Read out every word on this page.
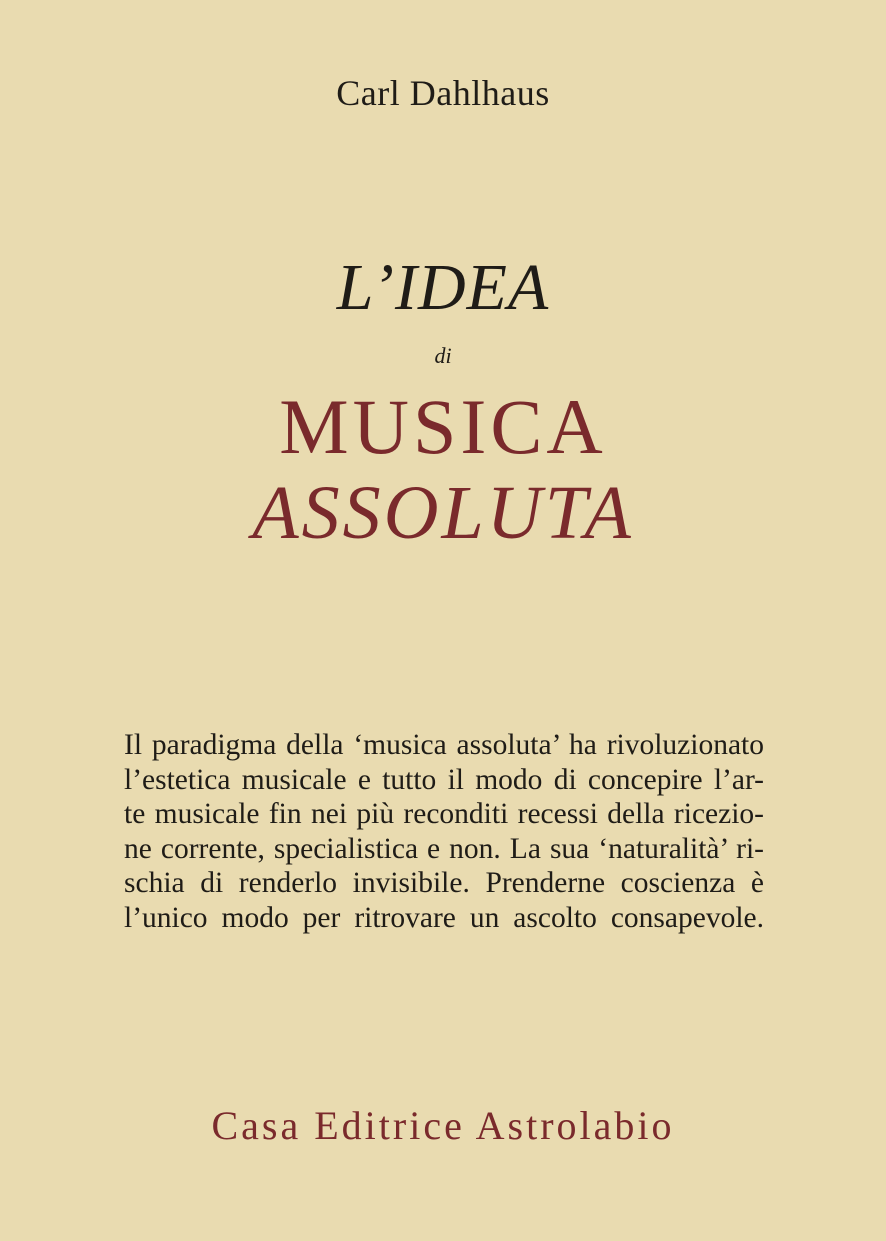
Carl Dahlhaus
L’IDEA
di
MUSICA
ASSOLUTA
Il paradigma della ‘musica assoluta’ ha rivoluzionato
l’estetica musicale e tutto il modo di concepire l’ar-
te musicale fin nei più reconditi recessi della ricezio-
ne corrente, specialistica e non. La sua ‘naturalità’ ri-
schia di renderlo invisibile. Prenderne coscienza è
l’unico modo per ritrovare un ascolto consapevole.
Casa Editrice Astrolabio
